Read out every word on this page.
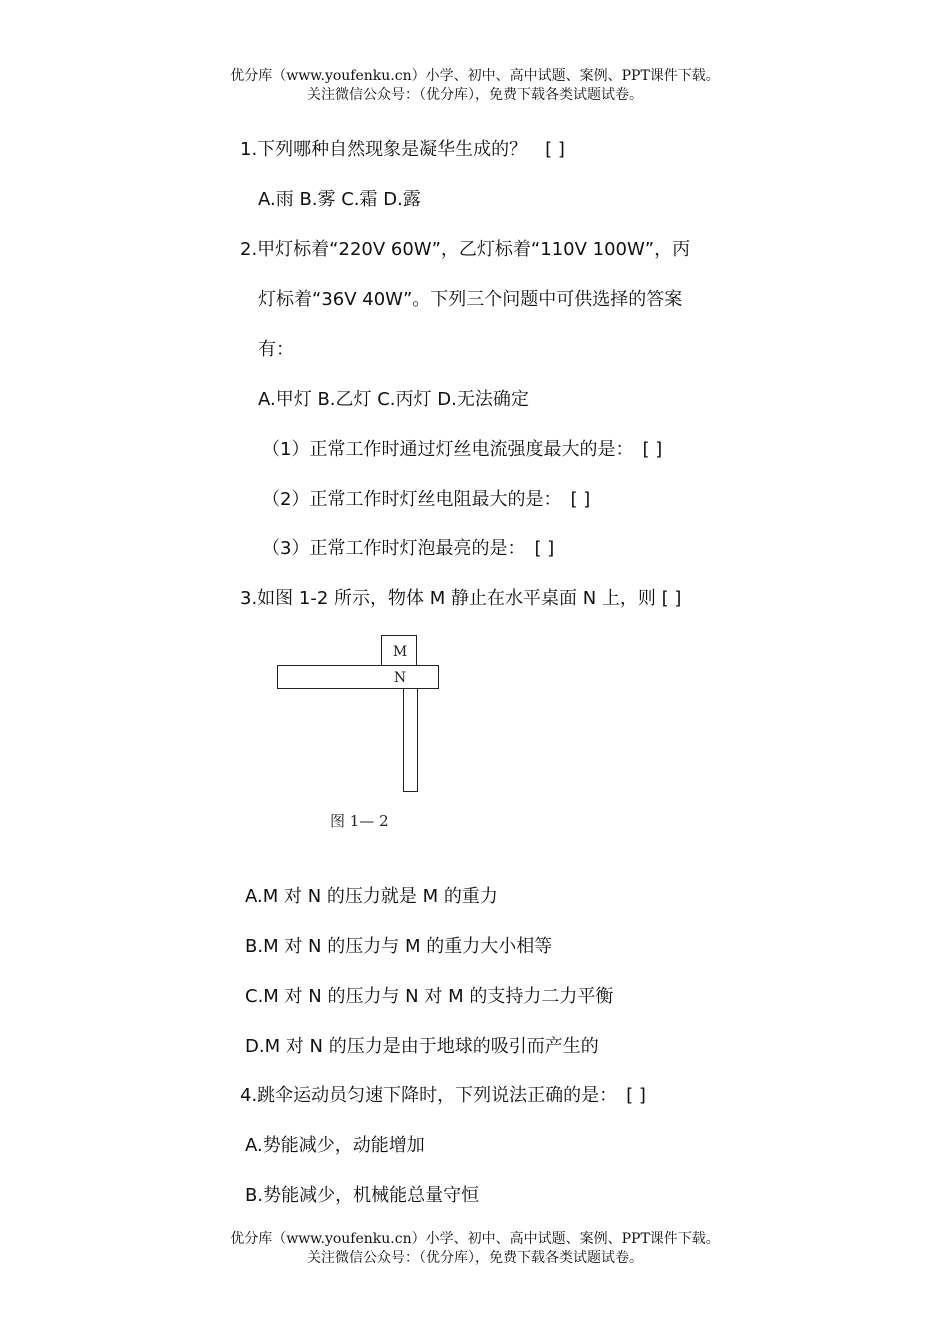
优分库（www.youfenku.cn）小学、初中、高中试题、案例、PPT课件下载。
关注微信公众号：（优分库），免费下载各类试题试卷。
1.下列哪种自然现象是凝华生成的？　[ ]
A.雨 B.雾 C.霜 D.露
2.甲灯标着“220V 60W”，乙灯标着“110V 100W”，丙
灯标着“36V 40W”。下列三个问题中可供选择的答案
有：
A.甲灯 B.乙灯 C.丙灯 D.无法确定
（1）正常工作时通过灯丝电流强度最大的是：　[ ]
（2）正常工作时灯丝电阻最大的是：　[ ]
（3）正常工作时灯泡最亮的是：　[ ]
3.如图 1-2 所示，物体 M 静止在水平桌面 N 上，则 [ ]
M
N
图 1— 2
A.M 对 N 的压力就是 M 的重力
B.M 对 N 的压力与 M 的重力大小相等
C.M 对 N 的压力与 N 对 M 的支持力二力平衡
D.M 对 N 的压力是由于地球的吸引而产生的
4.跳伞运动员匀速下降时，下列说法正确的是：　[ ]
A.势能减少，动能增加
B.势能减少，机械能总量守恒
优分库（www.youfenku.cn）小学、初中、高中试题、案例、PPT课件下载。
关注微信公众号：（优分库），免费下载各类试题试卷。
